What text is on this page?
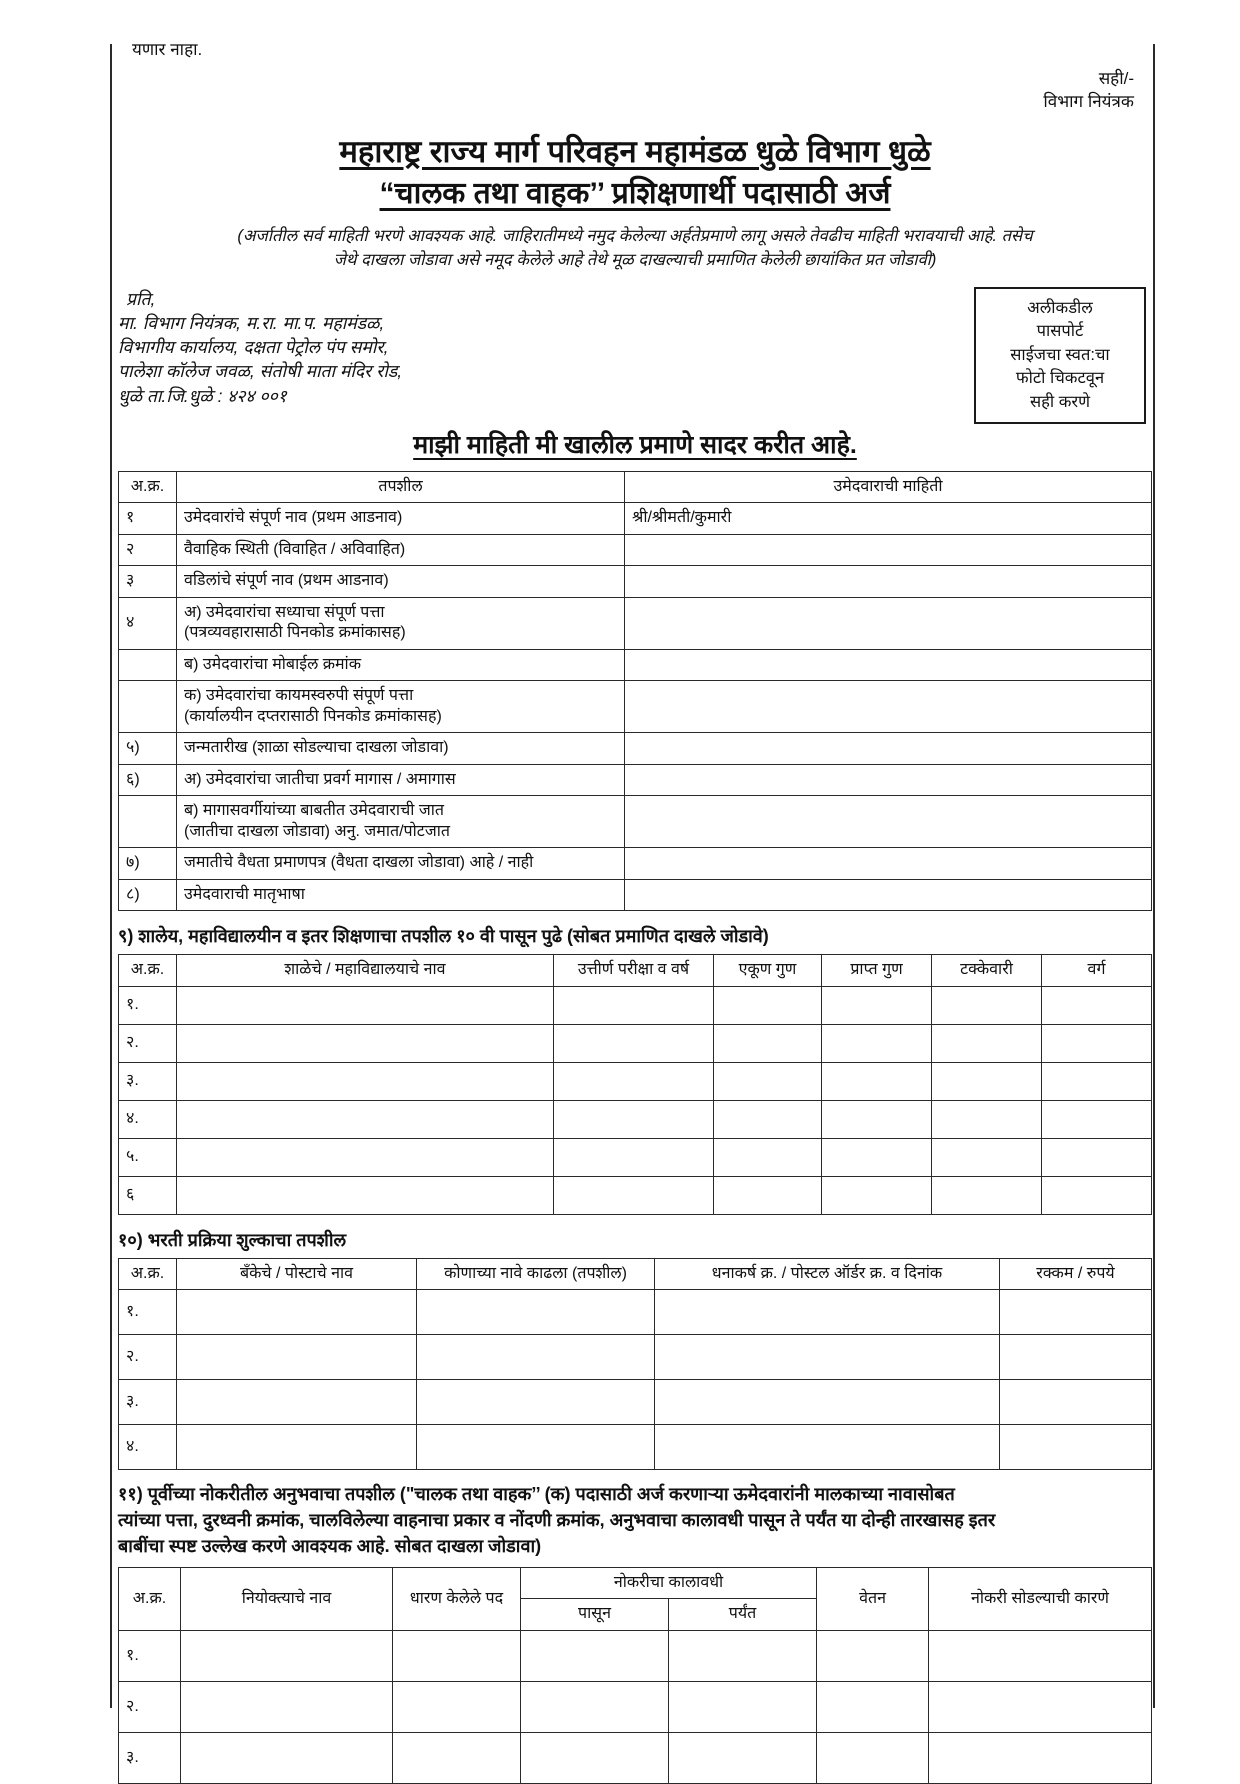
यणार नाहा.
सही/-
विभाग नियंत्रक
महाराष्ट्र राज्य मार्ग परिवहन महामंडळ धुळे विभाग धुळे
“चालक तथा वाहक’’ प्रशिक्षणार्थी पदासाठी अर्ज
(अर्जातील सर्व माहिती भरणे आवश्यक आहे. जाहिरातीमध्ये नमुद केलेल्या अर्हतेप्रमाणे लागू असले तेवढीच माहिती भरावयाची आहे. तसेच
जेथे दाखला जोडावा असे नमूद केलेले आहे तेथे मूळ दाखल्याची प्रमाणित केलेली छायांकित प्रत जोडावी)
प्रति,
मा. विभाग नियंत्रक, म.रा. मा.प. महामंडळ,
विभागीय कार्यालय, दक्षता पेट्रोल पंप समोर,
पालेशा कॉलेज जवळ, संतोषी माता मंदिर रोड,
धुळे ता.जि.धुळे : ४२४ ००१
अलीकडील
पासपोर्ट
साईजचा स्वत:चा
फोटो चिकटवून
सही करणे
माझी माहिती मी खालील प्रमाणे सादर करीत आहे.
अ.क्र.	तपशील	उमेदवाराची माहिती
१	उमेदवारांचे संपूर्ण नाव (प्रथम आडनाव)	श्री/श्रीमती/कुमारी
२	वैवाहिक स्थिती (विवाहित / अविवाहित)	
३	वडिलांचे संपूर्ण नाव (प्रथम आडनाव)	
४	अ) उमेदवारांचा सध्याचा संपूर्ण पत्ता
(पत्रव्यवहारासाठी पिनकोड क्रमांकासह)	

	ब) उमेदवारांचा मोबाईल क्रमांक	

	क) उमेदवारांचा कायमस्वरुपी संपूर्ण पत्ता
(कार्यालयीन दप्तरासाठी पिनकोड क्रमांकासह)	

५)	जन्मतारीख (शाळा सोडल्याचा दाखला जोडावा)	
६)	अ) उमेदवारांचा जातीचा प्रवर्ग मागास / अमागास	

	ब) मागासवर्गीयांच्या बाबतीत उमेदवाराची जात
(जातीचा दाखला जोडावा) अनु. जमात/पोटजात	

७)	जमातीचे वैधता प्रमाणपत्र (वैधता दाखला जोडावा) आहे / नाही	
८)	उमेदवाराची मातृभाषा	
९) शालेय, महाविद्यालयीन व इतर शिक्षणाचा तपशील १० वी पासून पुढे (सोबत प्रमाणित दाखले जोडावे)
अ.क्र.	शाळेचे / महाविद्यालयाचे नाव	उत्तीर्ण परीक्षा व वर्ष	एकूण गुण	प्राप्त गुण	टक्केवारी	वर्ग
१.						
२.						
३.						
४.						
५.						
६						
१०) भरती प्रक्रिया शुल्काचा तपशील
अ.क्र.	बँकेचे / पोस्टाचे नाव	कोणाच्या नावे काढला (तपशील)	धनाकर्ष क्र. / पोस्टल ऑर्डर क्र. व दिनांक	रक्कम / रुपये
१.				
२.				
३.				
४.				
११) पूर्वीच्या नोकरीतील अनुभवाचा तपशील ("चालक तथा वाहक’’ (क) पदासाठी अर्ज करणाऱ्या ऊमेदवारांनी मालकाच्या नावासोबत
त्यांच्या पत्ता, दुरध्वनी क्रमांक, चालविलेल्या वाहनाचा प्रकार व नोंदणी क्रमांक, अनुभवाचा कालावधी पासून ते पर्यंत या दोन्ही तारखासह इतर
बाबींचा स्पष्ट उल्लेख करणे आवश्यक आहे. सोबत दाखला जोडावा)
अ.क्र.	नियोक्त्याचे नाव	धारण केलेले पद	नोकरीचा कालावधी		वेतन	नोकरी सोडल्याची कारणे
			पासून	पर्यंत		
१.						
२.						
३.						
